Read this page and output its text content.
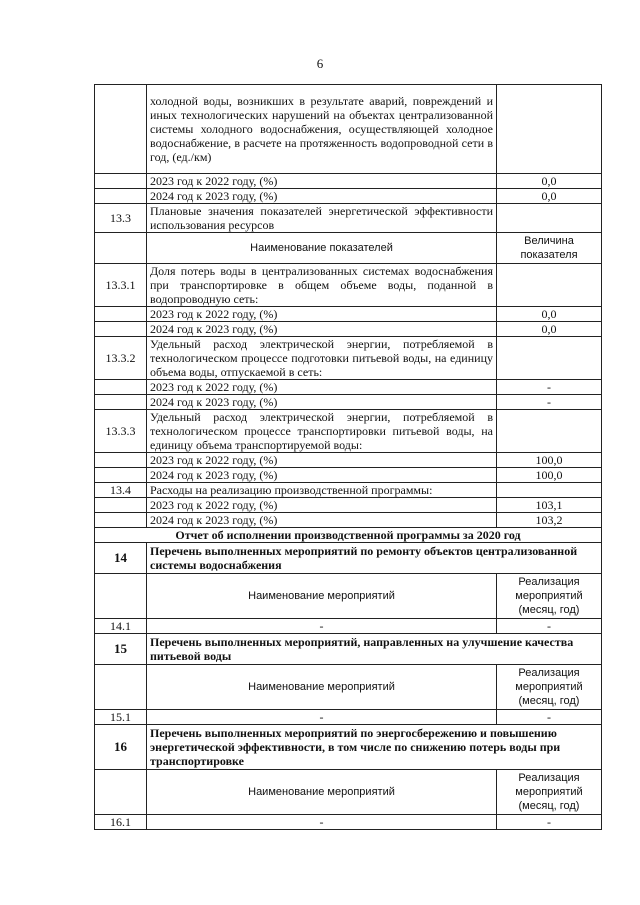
6
	холодной воды, возникших в результате аварий, повреждений и иных технологических нарушений на объектах централизованной системы холодного водоснабжения, осуществляющей холодное водоснабжение, в расчете на протяженность водопроводной сети в год, (ед./км)	
	2023 год к 2022 году, (%)	0,0
	2024 год к 2023 году, (%)	0,0
13.3	Плановые значения показателей энергетической эффективности использования ресурсов	
	Наименование показателей	Величина показателя
13.3.1	Доля потерь воды в централизованных системах водоснабжения при транспортировке в общем объеме воды, поданной в водопроводную сеть:	
	2023 год к 2022 году, (%)	0,0
	2024 год к 2023 году, (%)	0,0
13.3.2	Удельный расход электрической энергии, потребляемой в технологическом процессе подготовки питьевой воды, на единицу объема воды, отпускаемой в сеть:	
	2023 год к 2022 году, (%)	-
	2024 год к 2023 году, (%)	-
13.3.3	Удельный расход электрической энергии, потребляемой в технологическом процессе транспортировки питьевой воды, на единицу объема транспортируемой воды:	
	2023 год к 2022 году, (%)	100,0
	2024 год к 2023 году, (%)	100,0
13.4	Расходы на реализацию производственной программы:	
	2023 год к 2022 году, (%)	103,1
	2024 год к 2023 году, (%)	103,2
Отчет об исполнении производственной программы за 2020 год		
14	Перечень выполненных мероприятий по ремонту объектов централизованной системы водоснабжения	
	Наименование мероприятий	Реализация мероприятий (месяц, год)
14.1	-	-
15	Перечень выполненных мероприятий, направленных на улучшение качества питьевой воды	
	Наименование мероприятий	Реализация мероприятий (месяц, год)
15.1	-	-
16	Перечень выполненных мероприятий по энергосбережению и повышению энергетической эффективности, в том числе по снижению потерь воды при транспортировке	
	Наименование мероприятий	Реализация мероприятий (месяц, год)
16.1	-	-
